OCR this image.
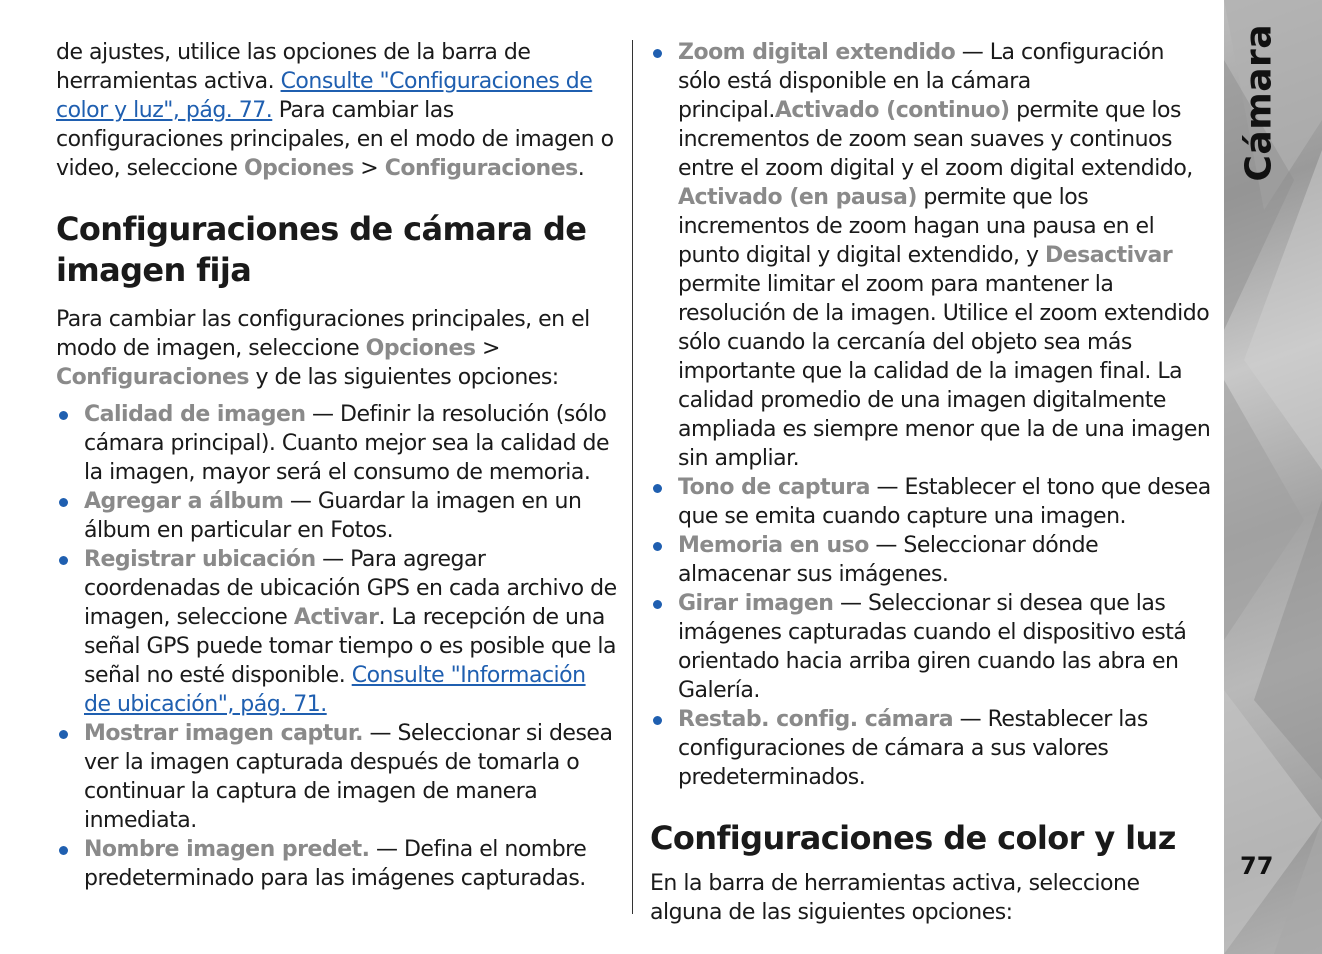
de ajustes, utilice las opciones de la barra de herramientas activa. Consulte "Configuraciones de color y luz", pág. 77. Para cambiar las configuraciones principales, en el modo de imagen o video, seleccione Opciones > Configuraciones.

Configuraciones de cámara de imagen fija

Para cambiar las configuraciones principales, en el modo de imagen, seleccione Opciones > Configuraciones y de las siguientes opciones:

Calidad de imagen — Definir la resolución (sólo cámara principal). Cuanto mejor sea la calidad de la imagen, mayor será el consumo de memoria.
Agregar a álbum — Guardar la imagen en un álbum en particular en Fotos.
Registrar ubicación — Para agregar coordenadas de ubicación GPS en cada archivo de imagen, seleccione Activar. La recepción de una señal GPS puede tomar tiempo o es posible que la señal no esté disponible. Consulte "Información de ubicación", pág. 71.
Mostrar imagen captur. — Seleccionar si desea ver la imagen capturada después de tomarla o continuar la captura de imagen de manera inmediata.
Nombre imagen predet. — Defina el nombre predeterminado para las imágenes capturadas.
Zoom digital extendido — La configuración sólo está disponible en la cámara principal.Activado (continuo) permite que los incrementos de zoom sean suaves y continuos entre el zoom digital y el zoom digital extendido, Activado (en pausa) permite que los incrementos de zoom hagan una pausa en el punto digital y digital extendido, y Desactivar permite limitar el zoom para mantener la resolución de la imagen. Utilice el zoom extendido sólo cuando la cercanía del objeto sea más importante que la calidad de la imagen final. La calidad promedio de una imagen digitalmente ampliada es siempre menor que la de una imagen sin ampliar.
Tono de captura — Establecer el tono que desea que se emita cuando capture una imagen.
Memoria en uso — Seleccionar dónde almacenar sus imágenes.
Girar imagen — Seleccionar si desea que las imágenes capturadas cuando el dispositivo está orientado hacia arriba giren cuando las abra en Galería.
Restab. config. cámara — Restablecer las configuraciones de cámara a sus valores predeterminados.
Configuraciones de color y luz

En la barra de herramientas activa, seleccione alguna de las siguientes opciones:

Cámara
77
